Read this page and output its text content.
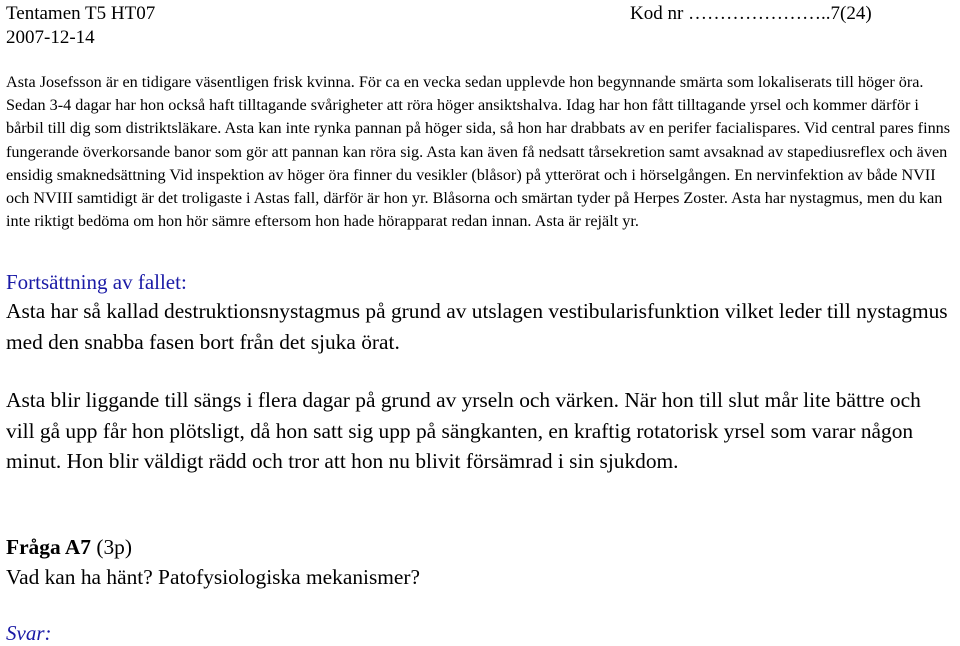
Tentamen T5 HT07	Kod nr …………………..7(24)
2007-12-14

Asta Josefsson är en tidigare väsentligen frisk kvinna. För ca en vecka sedan upplevde hon begynnande smärta som lokaliserats till höger öra. Sedan 3-4 dagar har hon också haft tilltagande svårigheter att röra höger ansiktshalva. Idag har hon fått tilltagande yrsel och kommer därför i bårbil till dig som distriktsläkare. Asta kan inte rynka pannan på höger sida, så hon har drabbats av en perifer facialispares. Vid central pares finns fungerande överkorsande banor som gör att pannan kan röra sig. Asta kan även få nedsatt tårsekretion samt avsaknad av stapediusreflex och även ensidig smaknedsättning Vid inspektion av höger öra finner du vesikler (blåsor) på ytterörat och i hörselgången. En nervinfektion av både NVII och NVIII samtidigt är det troligaste i Astas fall, därför är hon yr. Blåsorna och smärtan tyder på Herpes Zoster. Asta har nystagmus, men du kan inte riktigt bedöma om hon hör sämre eftersom hon hade hörapparat redan innan. Asta är rejält yr.

Fortsättning av fallet:

Asta har så kallad destruktionsnystagmus på grund av utslagen vestibularisfunktion vilket leder till nystagmus med den snabba fasen bort från det sjuka örat.

Asta blir liggande till sängs i flera dagar på grund av yrseln och värken. När hon till slut mår lite bättre och vill gå upp får hon plötsligt, då hon satt sig upp på sängkanten, en kraftig rotatorisk yrsel som varar någon minut. Hon blir väldigt rädd och tror att hon nu blivit försämrad i sin sjukdom.

Fråga A7 (3p)
Vad kan ha hänt? Patofysiologiska mekanismer?
Svar:
